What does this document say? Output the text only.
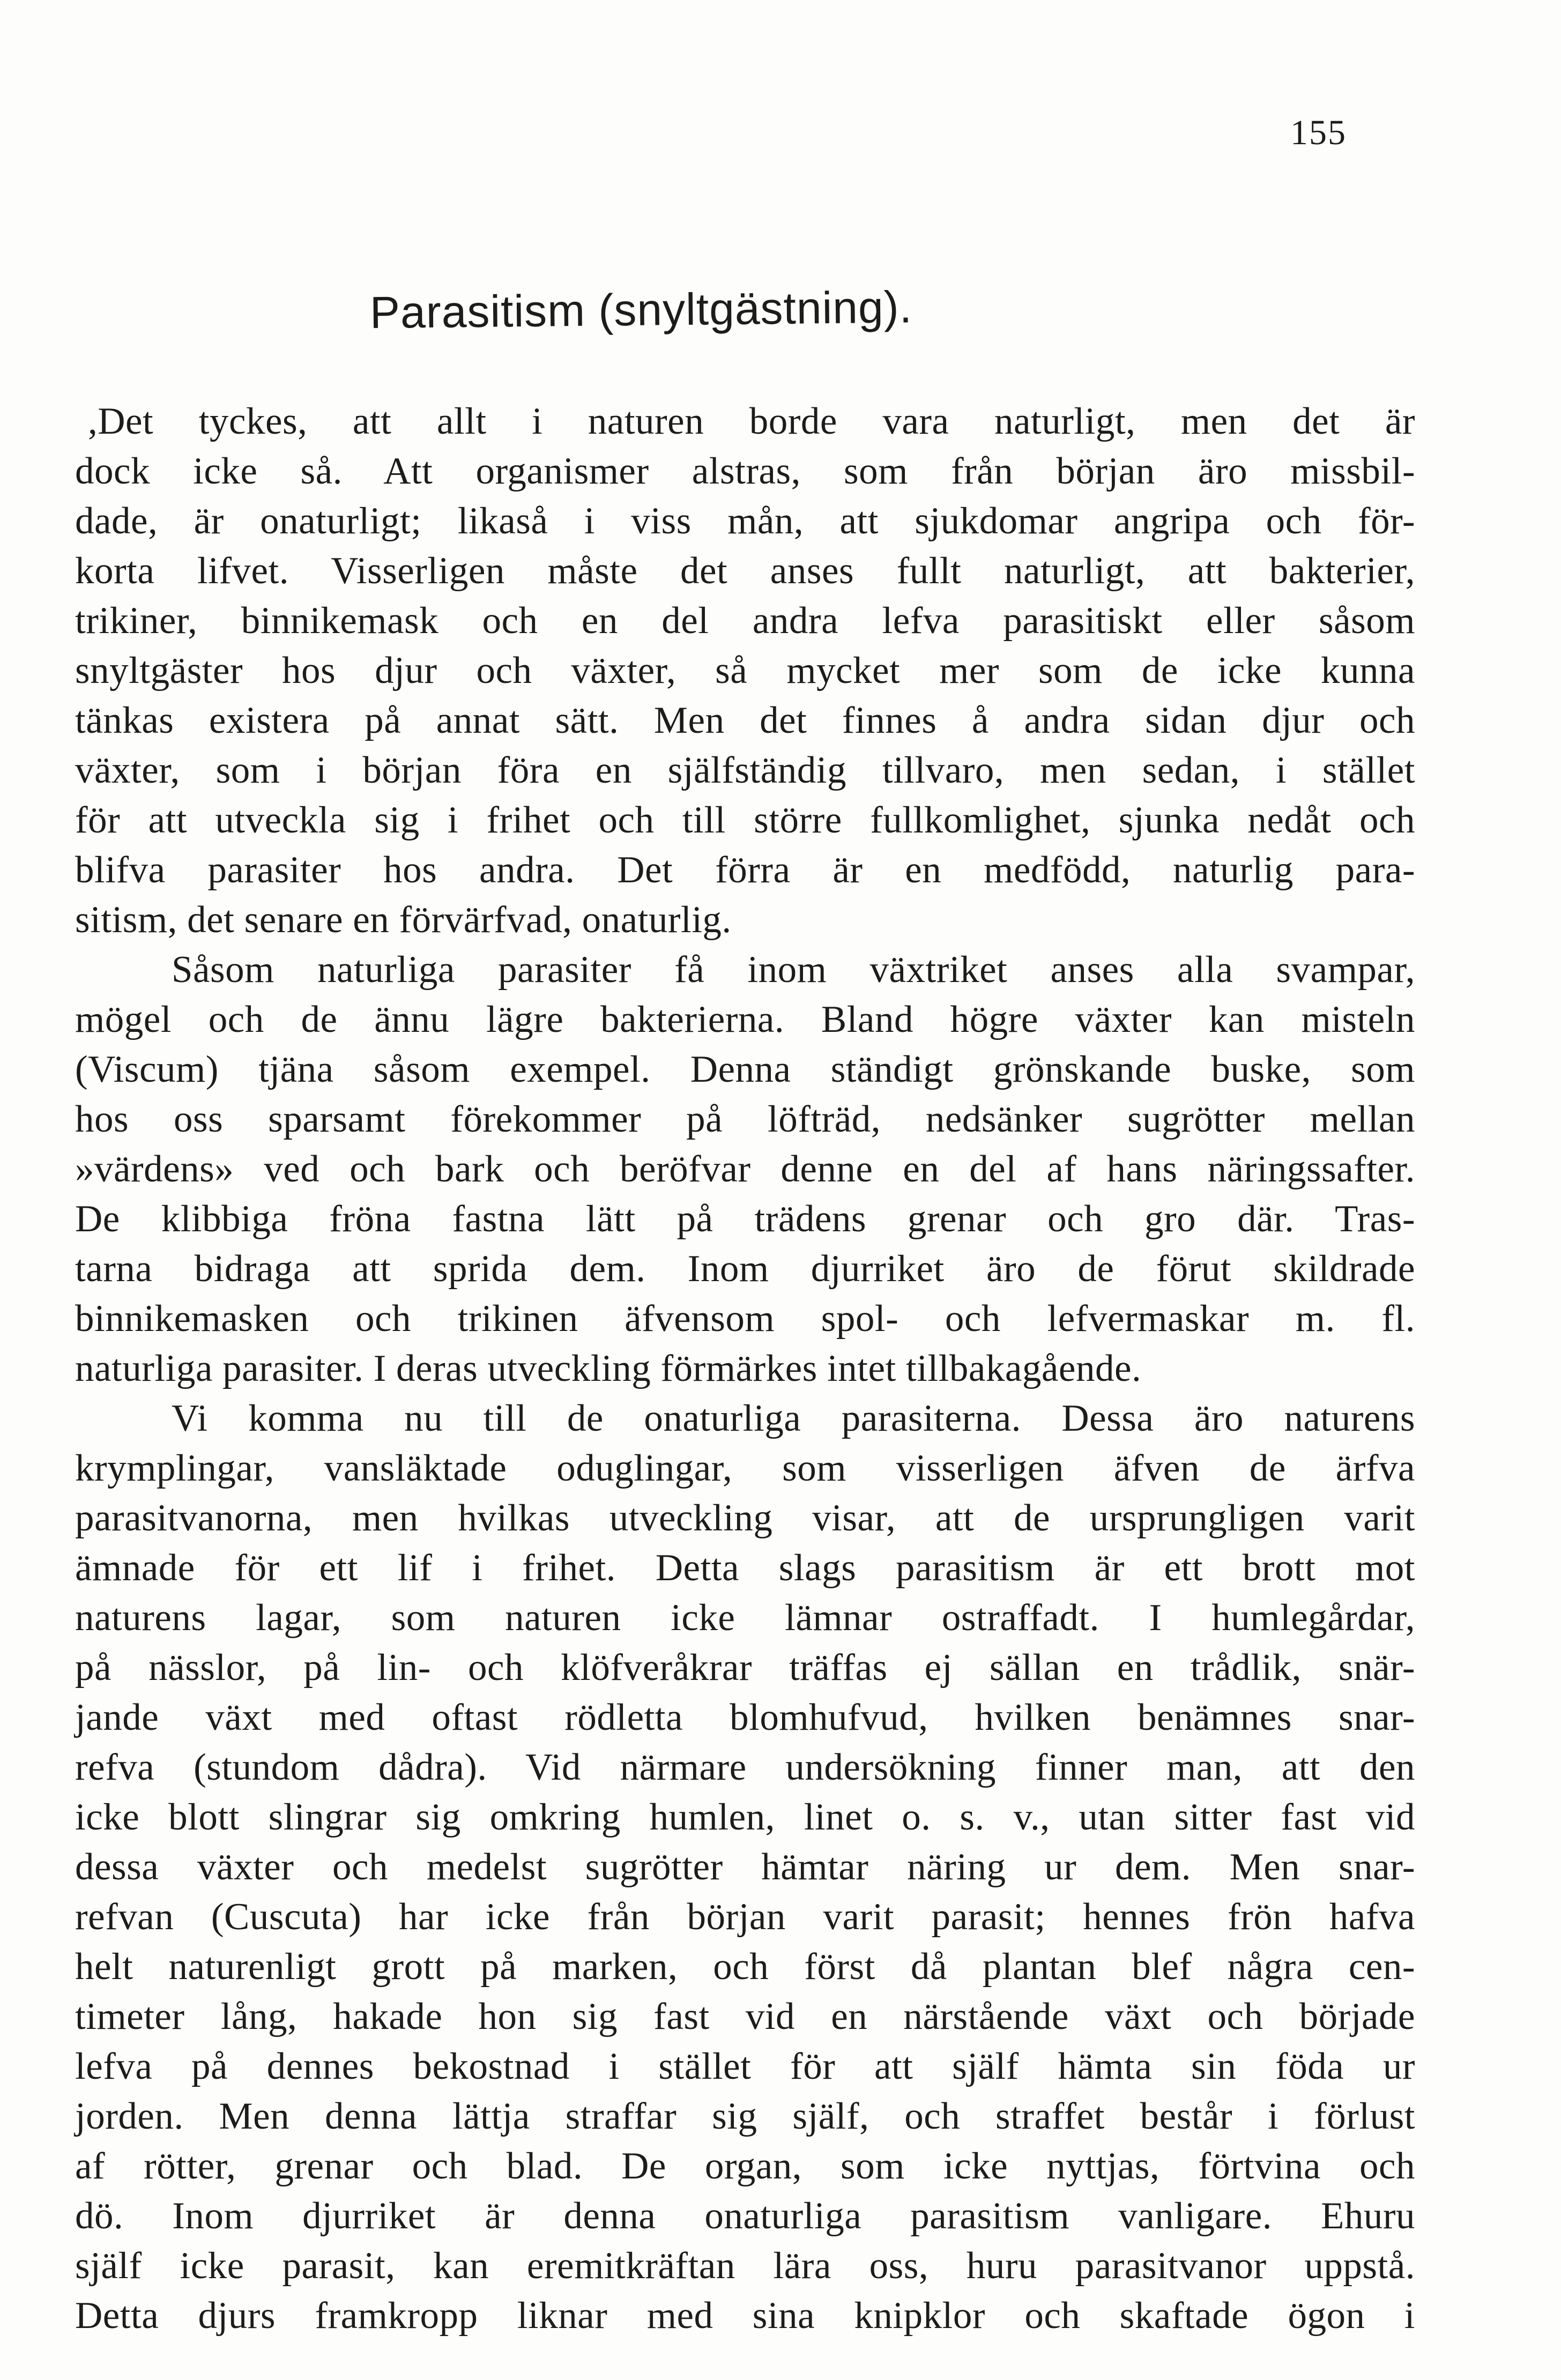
155
Parasitism (snyltgästning).
,Det tyckes, att allt i naturen borde vara naturligt, men det är
dock icke så. Att organismer alstras, som från början äro missbil-
dade, är onaturligt; likaså i viss mån, att sjukdomar angripa och för-
korta lifvet. Visserligen måste det anses fullt naturligt, att bakterier,
trikiner, binnikemask och en del andra lefva parasitiskt eller såsom
snyltgäster hos djur och växter, så mycket mer som de icke kunna
tänkas existera på annat sätt. Men det finnes å andra sidan djur och
växter, som i början föra en själfständig tillvaro, men sedan, i stället
för att utveckla sig i frihet och till större fullkomlighet, sjunka nedåt och
blifva parasiter hos andra. Det förra är en medfödd, naturlig para-
sitism, det senare en förvärfvad, onaturlig.
Såsom naturliga parasiter få inom växtriket anses alla svampar,
mögel och de ännu lägre bakterierna. Bland högre växter kan misteln
(Viscum) tjäna såsom exempel. Denna ständigt grönskande buske, som
hos oss sparsamt förekommer på löfträd, nedsänker sugrötter mellan
»värdens» ved och bark och beröfvar denne en del af hans näringssafter.
De klibbiga fröna fastna lätt på trädens grenar och gro där. Tras-
tarna bidraga att sprida dem. Inom djurriket äro de förut skildrade
binnikemasken och trikinen äfvensom spol- och lefvermaskar m. fl.
naturliga parasiter. I deras utveckling förmärkes intet tillbakagående.
Vi komma nu till de onaturliga parasiterna. Dessa äro naturens
krymplingar, vansläktade oduglingar, som visserligen äfven de ärfva
parasitvanorna, men hvilkas utveckling visar, att de ursprungligen varit
ämnade för ett lif i frihet. Detta slags parasitism är ett brott mot
naturens lagar, som naturen icke lämnar ostraffadt. I humlegårdar,
på nässlor, på lin- och klöfveråkrar träffas ej sällan en trådlik, snär-
jande växt med oftast rödletta blomhufvud, hvilken benämnes snar-
refva (stundom dådra). Vid närmare undersökning finner man, att den
icke blott slingrar sig omkring humlen, linet o. s. v., utan sitter fast vid
dessa växter och medelst sugrötter hämtar näring ur dem. Men snar-
refvan (Cuscuta) har icke från början varit parasit; hennes frön hafva
helt naturenligt grott på marken, och först då plantan blef några cen-
timeter lång, hakade hon sig fast vid en närstående växt och började
lefva på dennes bekostnad i stället för att själf hämta sin föda ur
jorden. Men denna lättja straffar sig själf, och straffet består i förlust
af rötter, grenar och blad. De organ, som icke nyttjas, förtvina och
dö. Inom djurriket är denna onaturliga parasitism vanligare. Ehuru
själf icke parasit, kan eremitkräftan lära oss, huru parasitvanor uppstå.
Detta djurs framkropp liknar med sina knipklor och skaftade ögon i
